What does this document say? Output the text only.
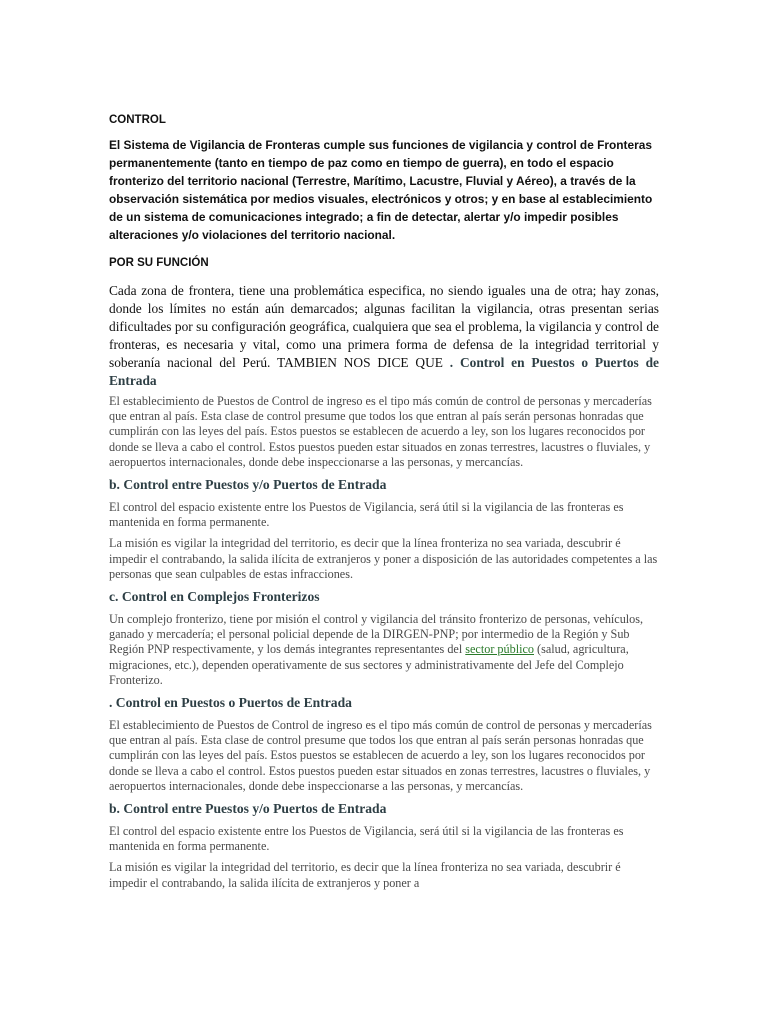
CONTROL

El Sistema de Vigilancia de Fronteras cumple sus funciones de vigilancia y control de Fronteras permanentemente (tanto en tiempo de paz como en tiempo de guerra), en todo el espacio fronterizo del territorio nacional (Terrestre, Marítimo, Lacustre, Fluvial y Aéreo), a través de la observación sistemática por medios visuales, electrónicos y otros; y en base al establecimiento de un sistema de comunicaciones integrado; a fin de detectar, alertar y/o impedir posibles alteraciones y/o violaciones del territorio nacional.

POR SU FUNCIÓN

Cada zona de frontera, tiene una problemática especifica, no siendo iguales una de otra; hay zonas, donde los límites no están aún demarcados; algunas facilitan la vigilancia, otras presentan serias dificultades por su configuración geográfica, cualquiera que sea el problema, la vigilancia y control de fronteras, es necesaria y vital, como una primera forma de defensa de la integridad territorial y soberanía nacional del Perú. TAMBIEN NOS DICE QUE . Control en Puestos o Puertos de Entrada

El establecimiento de Puestos de Control de ingreso es el tipo más común de control de personas y mercaderías que entran al país. Esta clase de control presume que todos los que entran al país serán personas honradas que cumplirán con las leyes del país. Estos puestos se establecen de acuerdo a ley, son los lugares reconocidos por donde se lleva a cabo el control. Estos puestos pueden estar situados en zonas terrestres, lacustres o fluviales, y aeropuertos internacionales, donde debe inspeccionarse a las personas, y mercancías.

b. Control entre Puestos y/o Puertos de Entrada

El control del espacio existente entre los Puestos de Vigilancia, será útil si la vigilancia de las fronteras es mantenida en forma permanente.

La misión es vigilar la integridad del territorio, es decir que la línea fronteriza no sea variada, descubrir é impedir el contrabando, la salida ilícita de extranjeros y poner a disposición de las autoridades competentes a las personas que sean culpables de estas infracciones.

c. Control en Complejos Fronterizos

Un complejo fronterizo, tiene por misión el control y vigilancia del tránsito fronterizo de personas, vehículos, ganado y mercadería; el personal policial depende de la DIRGEN-PNP; por intermedio de la Región y Sub Región PNP respectivamente, y los demás integrantes representantes del sector público (salud, agricultura, migraciones, etc.), dependen operativamente de sus sectores y administrativamente del Jefe del Complejo Fronterizo.

. Control en Puestos o Puertos de Entrada

El establecimiento de Puestos de Control de ingreso es el tipo más común de control de personas y mercaderías que entran al país. Esta clase de control presume que todos los que entran al país serán personas honradas que cumplirán con las leyes del país. Estos puestos se establecen de acuerdo a ley, son los lugares reconocidos por donde se lleva a cabo el control. Estos puestos pueden estar situados en zonas terrestres, lacustres o fluviales, y aeropuertos internacionales, donde debe inspeccionarse a las personas, y mercancías.

b. Control entre Puestos y/o Puertos de Entrada

El control del espacio existente entre los Puestos de Vigilancia, será útil si la vigilancia de las fronteras es mantenida en forma permanente.

La misión es vigilar la integridad del territorio, es decir que la línea fronteriza no sea variada, descubrir é impedir el contrabando, la salida ilícita de extranjeros y poner a
